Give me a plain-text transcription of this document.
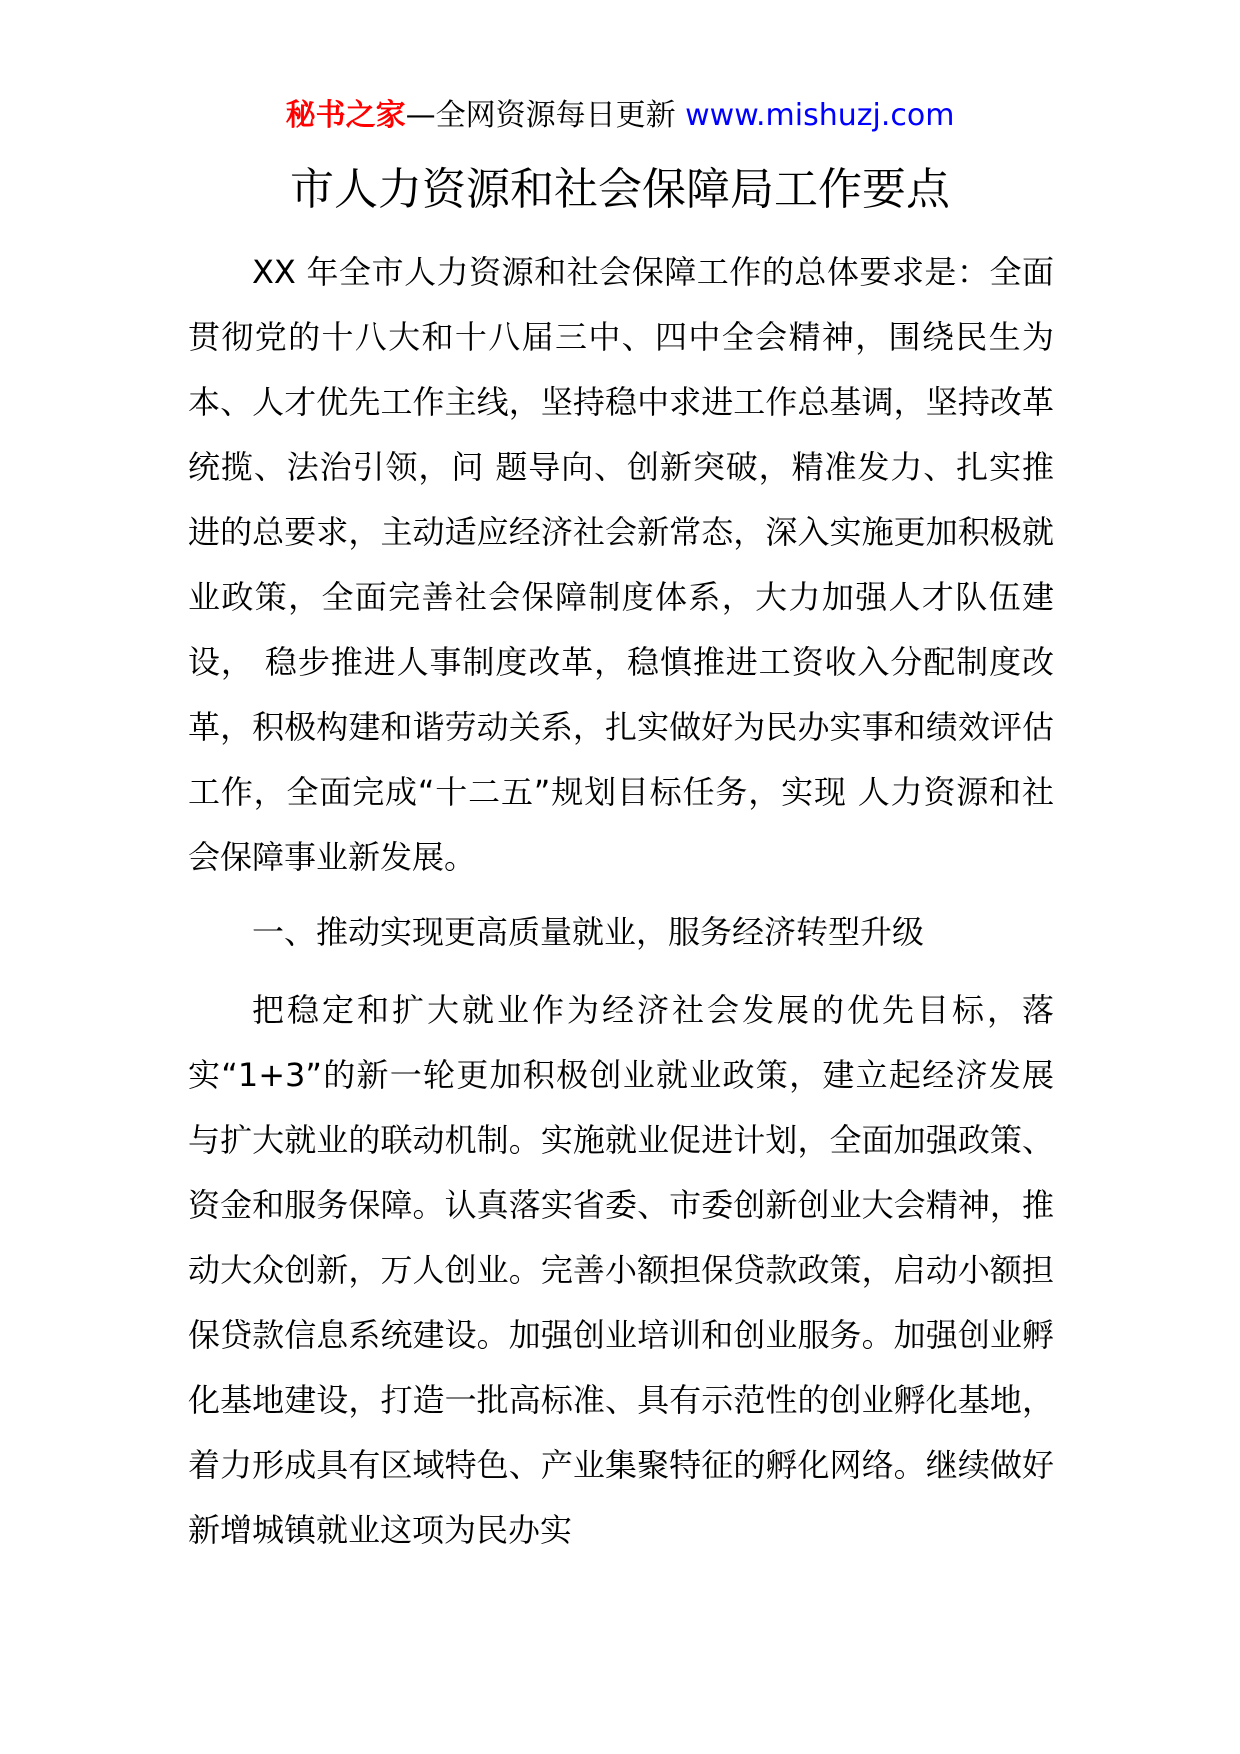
秘书之家—全网资源每日更新 www.mishuzj.com
市人力资源和社会保障局工作要点

XX 年全市人力资源和社会保障工作的总体要求是：全面贯彻党的十八大和十八届三中、四中全会精神，围绕民生为本、人才优先工作主线，坚持稳中求进工作总基调，坚持改革统揽、法治引领，问 题导向、创新突破，精准发力、扎实推进的总要求，主动适应经济社会新常态，深入实施更加积极就业政策，全面完善社会保障制度体系，大力加强人才队伍建设， 稳步推进人事制度改革，稳慎推进工资收入分配制度改革，积极构建和谐劳动关系，扎实做好为民办实事和绩效评估工作，全面完成“十二五”规划目标任务，实现 人力资源和社会保障事业新发展。

一、推动实现更高质量就业，服务经济转型升级

把稳定和扩大就业作为经济社会发展的优先目标，落实“1+3”的新一轮更加积极创业就业政策，建立起经济发展与扩大就业的联动机制。实施就业促进计划，全面加强政策、资金和服务保障。认真落实省委、市委创新创业大会精神，推动大众创新，万人创业。完善小额担保贷款政策，启动小额担保贷款信息系统建设。加强创业培训和创业服务。加强创业孵化基地建设，打造一批高标准、具有示范性的创业孵化基地，着力形成具有区域特色、产业集聚特征的孵化网络。继续做好新增城镇就业这项为民办实
